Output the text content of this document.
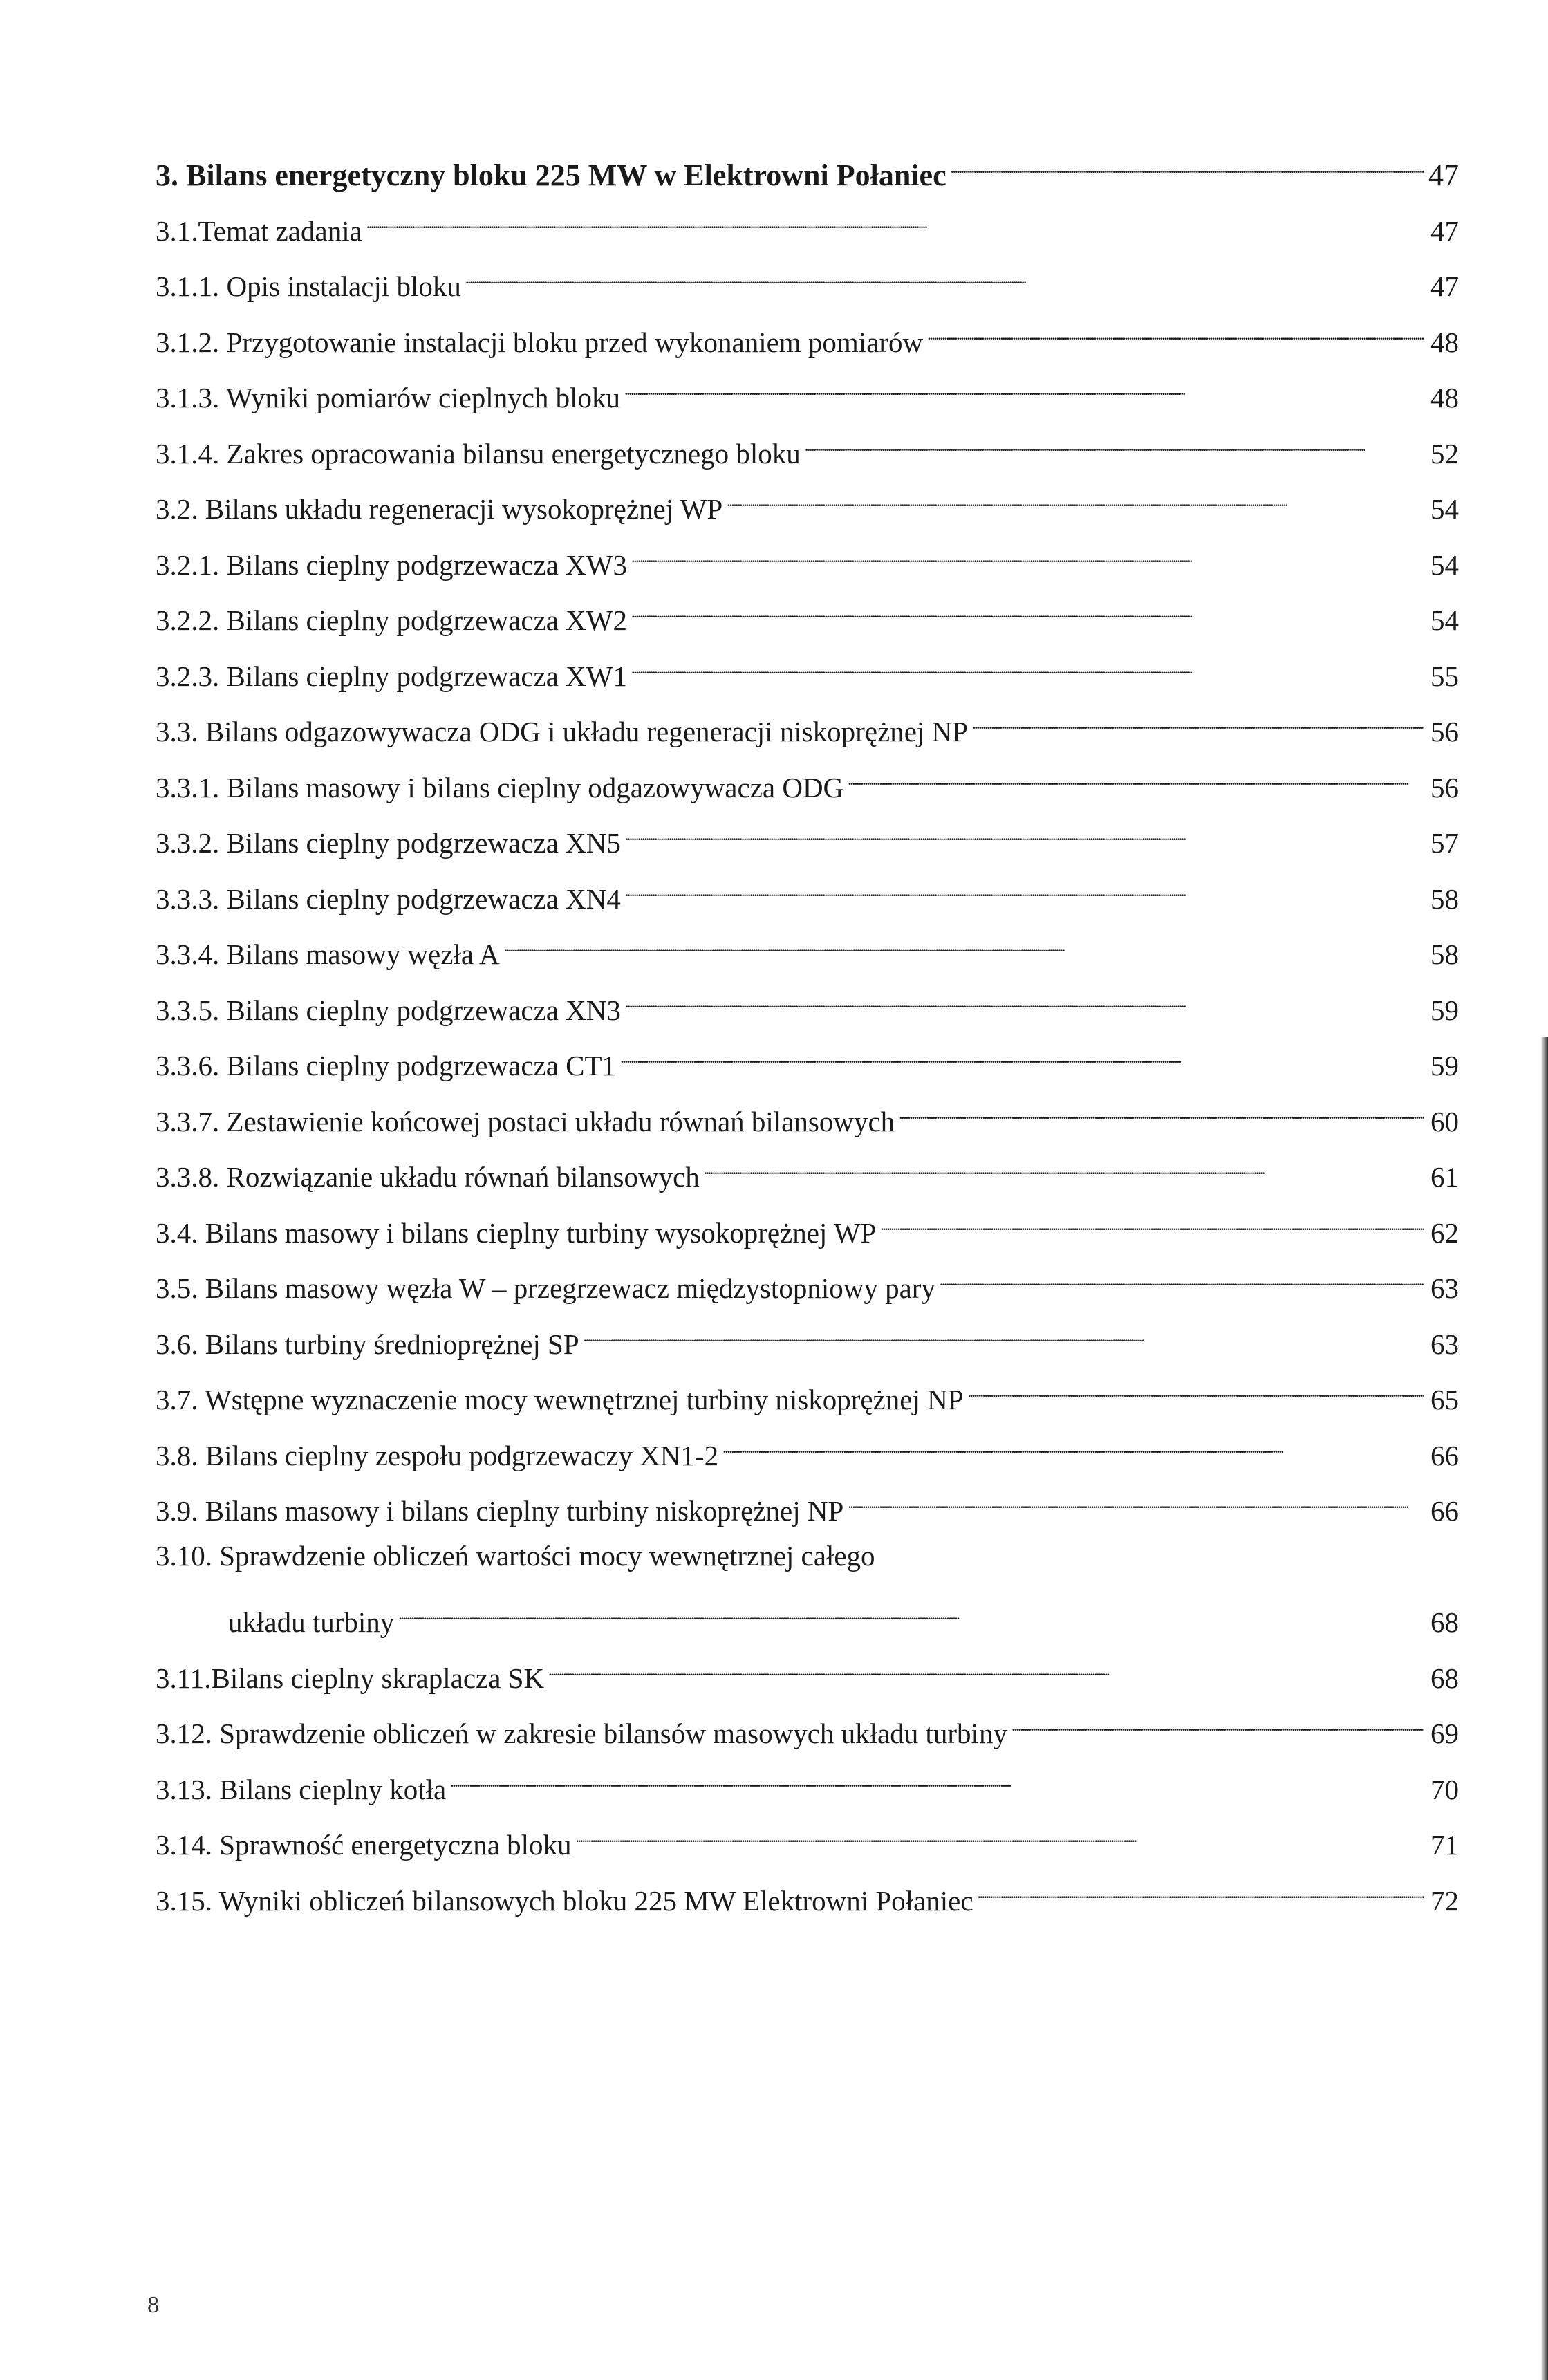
3. Bilans energetyczny bloku 225 MW w Elektrowni Połaniec . . .	47
3.1.Temat zadania . . .	47
3.1.1. Opis instalacji bloku . . .	47
3.1.2. Przygotowanie instalacji bloku przed wykonaniem pomiarów . . .	48
3.1.3. Wyniki pomiarów cieplnych bloku . . .	48
3.1.4. Zakres opracowania bilansu energetycznego bloku . . .	52
3.2. Bilans układu regeneracji wysokoprężnej WP . . .	54
3.2.1. Bilans cieplny podgrzewacza XW3 . . .	54
3.2.2. Bilans cieplny podgrzewacza XW2 . . .	54
3.2.3. Bilans cieplny podgrzewacza XW1 . . .	55
3.3. Bilans odgazowywacza ODG i układu regeneracji niskoprężnej NP . . .	56
3.3.1. Bilans masowy i bilans cieplny odgazowywacza ODG . . .	56
3.3.2. Bilans cieplny podgrzewacza XN5 . . .	57
3.3.3. Bilans cieplny podgrzewacza XN4 . . .	58
3.3.4. Bilans masowy węzła A . . .	58
3.3.5. Bilans cieplny podgrzewacza XN3 . . .	59
3.3.6. Bilans cieplny podgrzewacza CT1 . . .	59
3.3.7. Zestawienie końcowej postaci układu równań bilansowych . . .	60
3.3.8. Rozwiązanie układu równań bilansowych . . .	61
3.4. Bilans masowy i bilans cieplny turbiny wysokoprężnej WP . . .	62
3.5. Bilans masowy węzła W – przegrzewacz międzystopniowy pary . . .	63
3.6. Bilans turbiny średnioprężnej SP . . .	63
3.7. Wstępne wyznaczenie mocy wewnętrznej turbiny niskoprężnej NP . . .	65
3.8. Bilans cieplny zespołu podgrzewaczy XN1-2 . . .	66
3.9. Bilans masowy i bilans cieplny turbiny niskoprężnej NP . . .	66
3.10. Sprawdzenie obliczeń wartości mocy wewnętrznej całego
układu turbiny . . .	68
3.11.Bilans cieplny skraplacza SK . . .	68
3.12. Sprawdzenie obliczeń w zakresie bilansów masowych układu turbiny . . .	69
3.13. Bilans cieplny kotła . . .	70
3.14. Sprawność energetyczna bloku . . .	71
3.15. Wyniki obliczeń bilansowych bloku 225 MW Elektrowni Połaniec . . .	72
8
